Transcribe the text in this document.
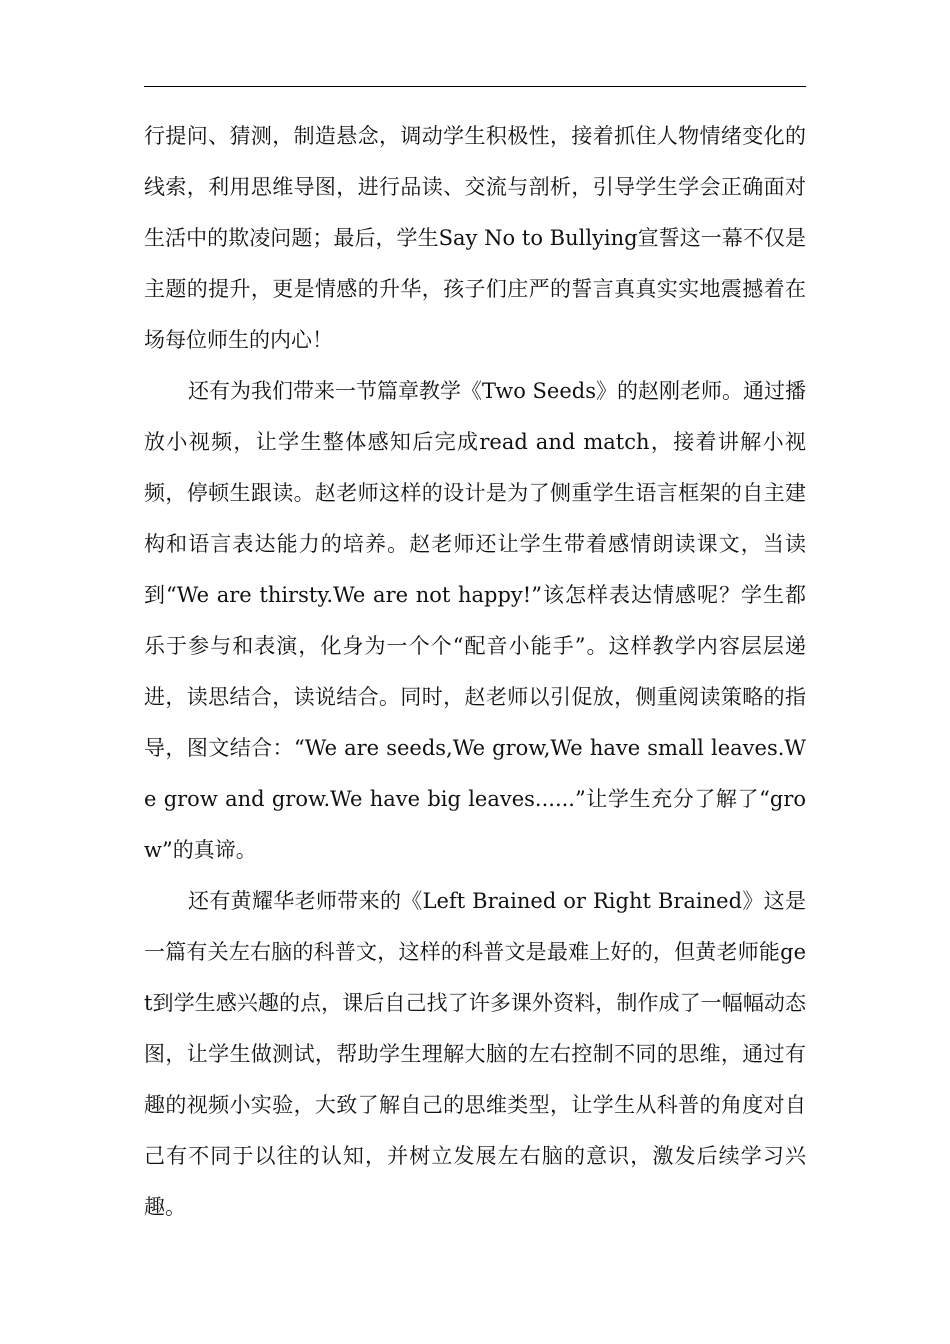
行提问、猜测，制造悬念，调动学生积极性，接着抓住人物情绪变化的线索，利用思维导图，进行品读、交流与剖析，引导学生学会正确面对生活中的欺凌问题；最后，学生Say No to Bullying宣誓这一幕不仅是主题的提升，更是情感的升华，孩子们庄严的誓言真真实实地震撼着在场每位师生的内心！

还有为我们带来一节篇章教学《Two Seeds》的赵刚老师。通过播放小视频，让学生整体感知后完成read and match，接着讲解小视频，停顿生跟读。赵老师这样的设计是为了侧重学生语言框架的自主建构和语言表达能力的培养。赵老师还让学生带着感情朗读课文，当读到“We are thirsty.We are not happy!”该怎样表达情感呢？学生都乐于参与和表演，化身为一个个“配音小能手”。这样教学内容层层递进，读思结合，读说结合。同时，赵老师以引促放，侧重阅读策略的指导，图文结合：“We are seeds,We grow,We have small leaves.We grow and grow.We have big leaves......”让学生充分了解了“grow”的真谛。

还有黄耀华老师带来的《Left Brained or Right Brained》这是一篇有关左右脑的科普文，这样的科普文是最难上好的，但黄老师能get到学生感兴趣的点，课后自己找了许多课外资料，制作成了一幅幅动态图，让学生做测试，帮助学生理解大脑的左右控制不同的思维，通过有趣的视频小实验，大致了解自己的思维类型，让学生从科普的角度对自己有不同于以往的认知，并树立发展左右脑的意识，激发后续学习兴趣。
